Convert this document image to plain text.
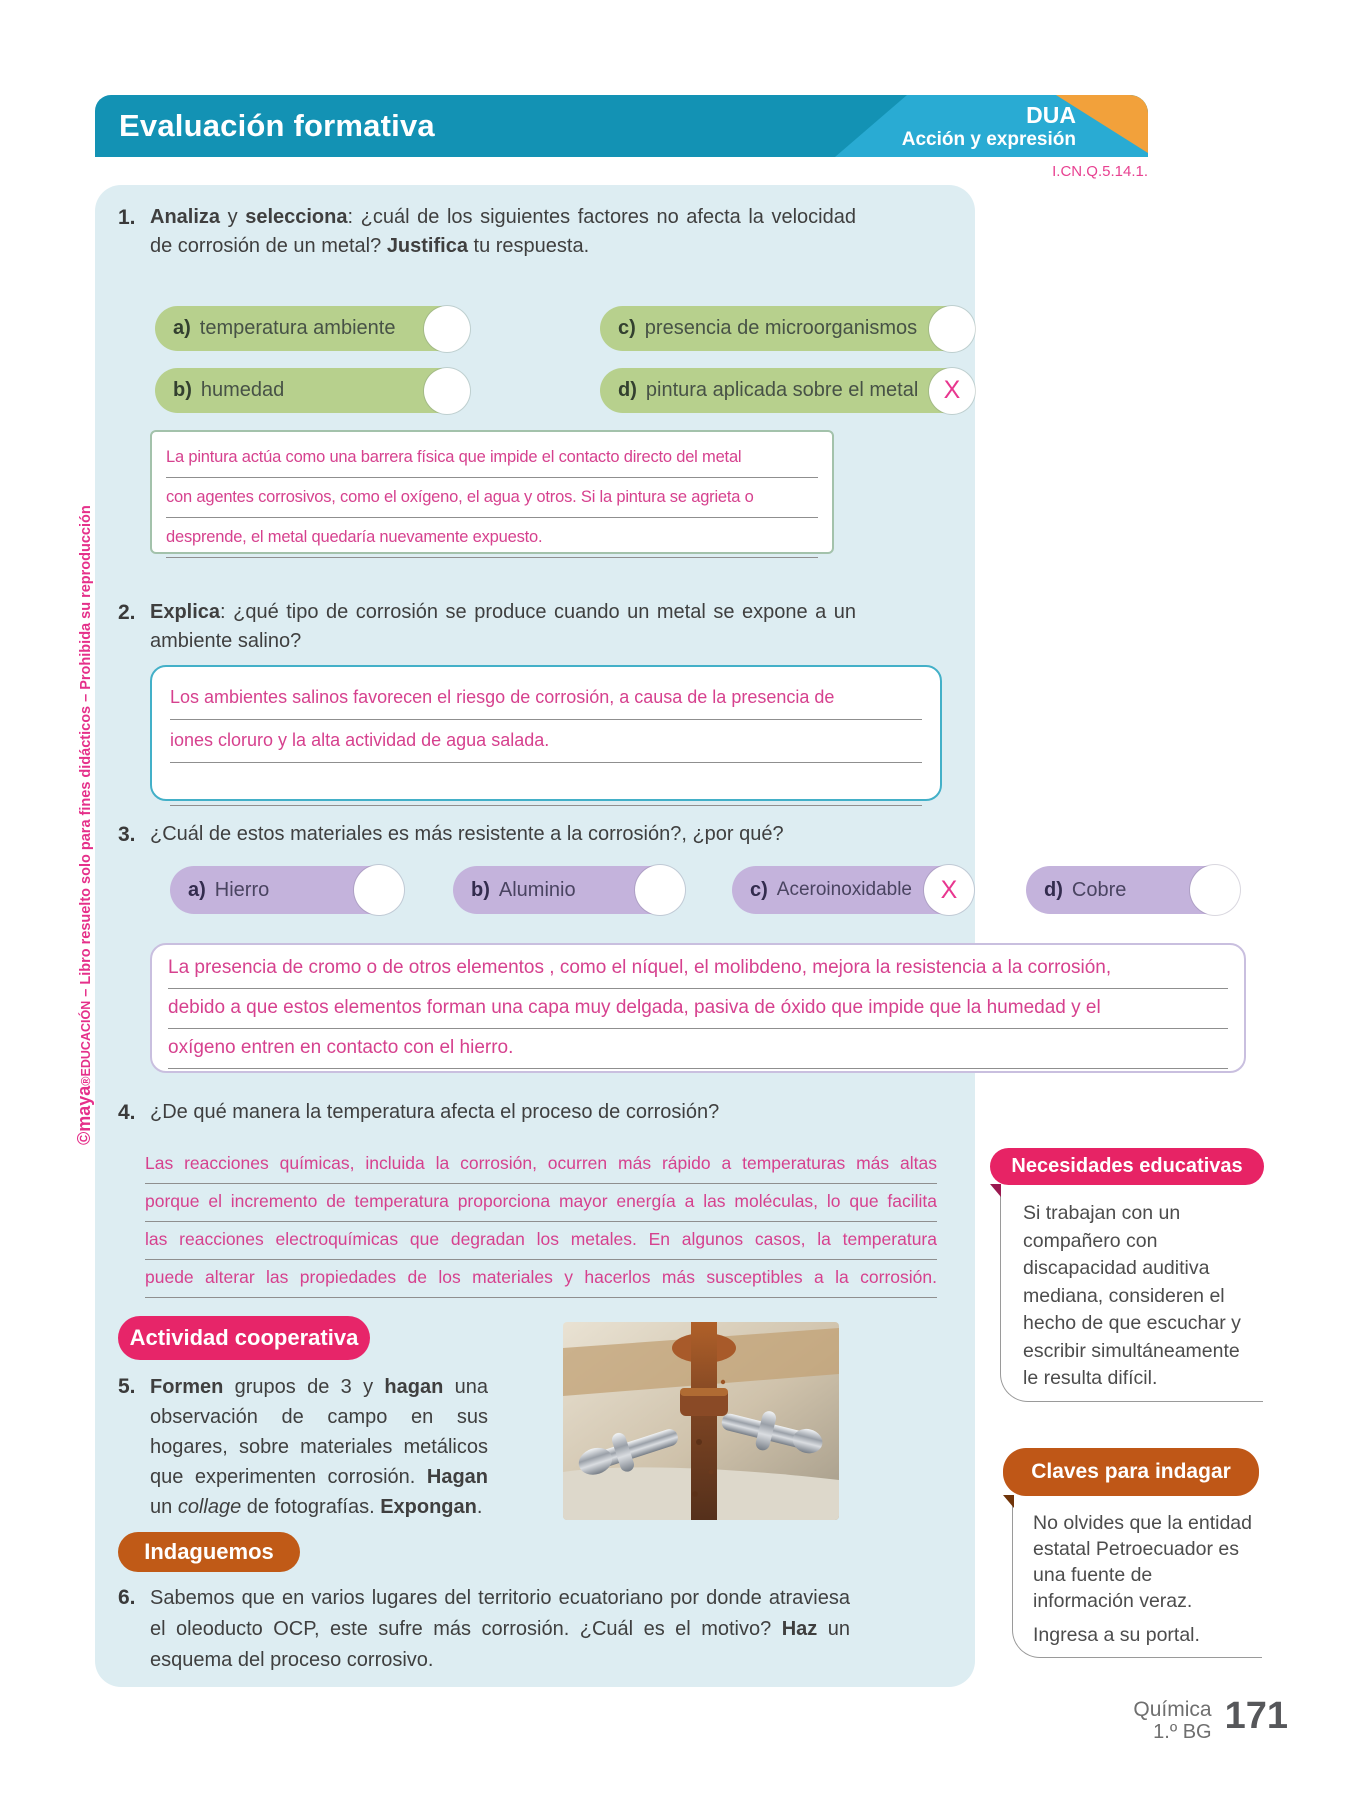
Evaluación formativa	DUA
Acción y expresión
I.CN.Q.5.14.1.
©maya®EDUCACIÓN – Libro resuelto solo para fines didácticos – Prohibida su reproducción
1. Analiza y selecciona: ¿cuál de los siguientes factores no afecta la velocidad de corrosión de un metal? Justifica tu respuesta.
a) temperatura ambiente	c) presencia de microorganismos
b) humedad	d) pintura aplicada sobre el metal X
La pintura actúa como una barrera física que impide el contacto directo del metal
con agentes corrosivos, como el oxígeno, el agua y otros. Si la pintura se agrieta o
desprende, el metal quedaría nuevamente expuesto.
2. Explica: ¿qué tipo de corrosión se produce cuando un metal se expone a un ambiente salino?
Los ambientes salinos favorecen el riesgo de corrosión, a causa de la presencia de
iones cloruro y la alta actividad de agua salada.
3. ¿Cuál de estos materiales es más resistente a la corrosión?, ¿por qué?
a) Hierro	b) Aluminio	c) Aceroinoxidable X	d) Cobre
La presencia de cromo o de otros elementos , como el níquel, el molibdeno, mejora la resistencia a la corrosión,
debido a que estos elementos forman una capa muy delgada, pasiva de óxido que impide que la humedad y el
oxígeno entren en contacto con el hierro.
4. ¿De qué manera la temperatura afecta el proceso de corrosión?
Las reacciones químicas, incluida la corrosión, ocurren más rápido a temperaturas más altas
porque el incremento de temperatura proporciona mayor energía a las moléculas, lo que facilita
las reacciones electroquímicas que degradan los metales. En algunos casos, la temperatura
puede alterar las propiedades de los materiales y hacerlos más susceptibles a la corrosión.
Actividad cooperativa
5. Formen grupos de 3 y hagan una observación de campo en sus hogares, sobre materiales metálicos que experimenten corrosión. Hagan un collage de fotografías. Expongan.
Indaguemos
6. Sabemos que en varios lugares del territorio ecuatoriano por donde atraviesa el oleoducto OCP, este sufre más corrosión. ¿Cuál es el motivo? Haz un esquema del proceso corrosivo.
Necesidades educativas

Si trabajan con un compañero con discapacidad auditiva mediana, consideren el hecho de que escuchar y escribir simultáneamente le resulta difícil.

Claves para indagar

No olvides que la entidad estatal Petroecuador es una fuente de información veraz.

Ingresa a su portal.

Química
1.º BG 171
